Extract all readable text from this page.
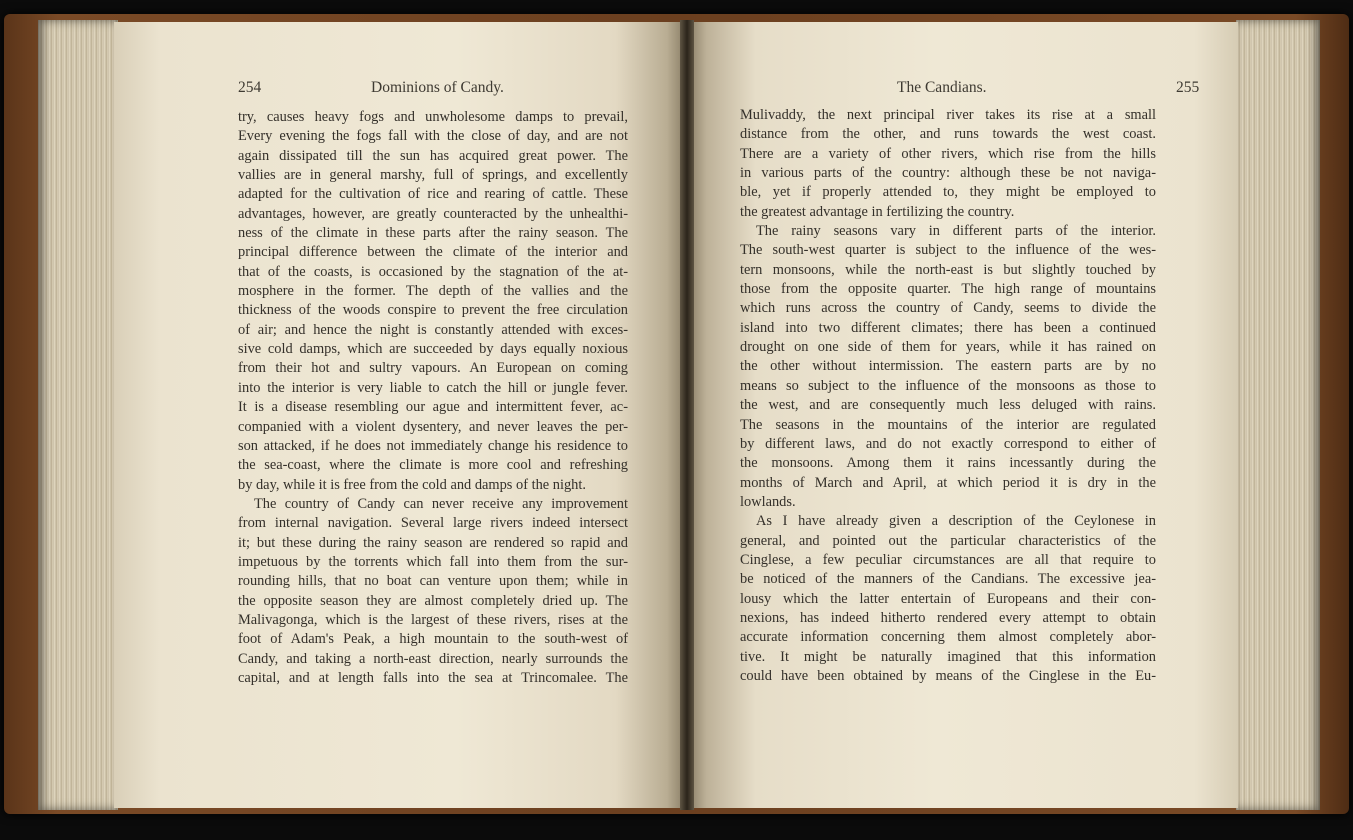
254	Dominions of Candy.	The Candians.	255
try, causes heavy fogs and unwholesome damps to prevail,
Every evening the fogs fall with the close of day, and are not
again dissipated till the sun has acquired great power. The
vallies are in general marshy, full of springs, and excellently
adapted for the cultivation of rice and rearing of cattle. These
advantages, however, are greatly counteracted by the unhealthi-
ness of the climate in these parts after the rainy season. The
principal difference between the climate of the interior and
that of the coasts, is occasioned by the stagnation of the at-
mosphere in the former. The depth of the vallies and the
thickness of the woods conspire to prevent the free circulation
of air; and hence the night is constantly attended with exces-
sive cold damps, which are succeeded by days equally noxious
from their hot and sultry vapours. An European on coming
into the interior is very liable to catch the hill or jungle fever.
It is a disease resembling our ague and intermittent fever, ac-
companied with a violent dysentery, and never leaves the per-
son attacked, if he does not immediately change his residence to
the sea-coast, where the climate is more cool and refreshing
by day, while it is free from the cold and damps of the night.
The country of Candy can never receive any improvement
from internal navigation. Several large rivers indeed intersect
it; but these during the rainy season are rendered so rapid and
impetuous by the torrents which fall into them from the sur-
rounding hills, that no boat can venture upon them; while in
the opposite season they are almost completely dried up. The
Malivagonga, which is the largest of these rivers, rises at the
foot of Adam's Peak, a high mountain to the south-west of
Candy, and taking a north-east direction, nearly surrounds the
capital, and at length falls into the sea at Trincomalee. The
Mulivaddy, the next principal river takes its rise at a small
distance from the other, and runs towards the west coast.
There are a variety of other rivers, which rise from the hills
in various parts of the country: although these be not naviga-
ble, yet if properly attended to, they might be employed to
the greatest advantage in fertilizing the country.
The rainy seasons vary in different parts of the interior.
The south-west quarter is subject to the influence of the wes-
tern monsoons, while the north-east is but slightly touched by
those from the opposite quarter. The high range of mountains
which runs across the country of Candy, seems to divide the
island into two different climates; there has been a continued
drought on one side of them for years, while it has rained on
the other without intermission. The eastern parts are by no
means so subject to the influence of the monsoons as those to
the west, and are consequently much less deluged with rains.
The seasons in the mountains of the interior are regulated
by different laws, and do not exactly correspond to either of
the monsoons. Among them it rains incessantly during the
months of March and April, at which period it is dry in the
lowlands.
As I have already given a description of the Ceylonese in
general, and pointed out the particular characteristics of the
Cinglese, a few peculiar circumstances are all that require to
be noticed of the manners of the Candians. The excessive jea-
lousy which the latter entertain of Europeans and their con-
nexions, has indeed hitherto rendered every attempt to obtain
accurate information concerning them almost completely abor-
tive. It might be naturally imagined that this information
could have been obtained by means of the Cinglese in the Eu-
